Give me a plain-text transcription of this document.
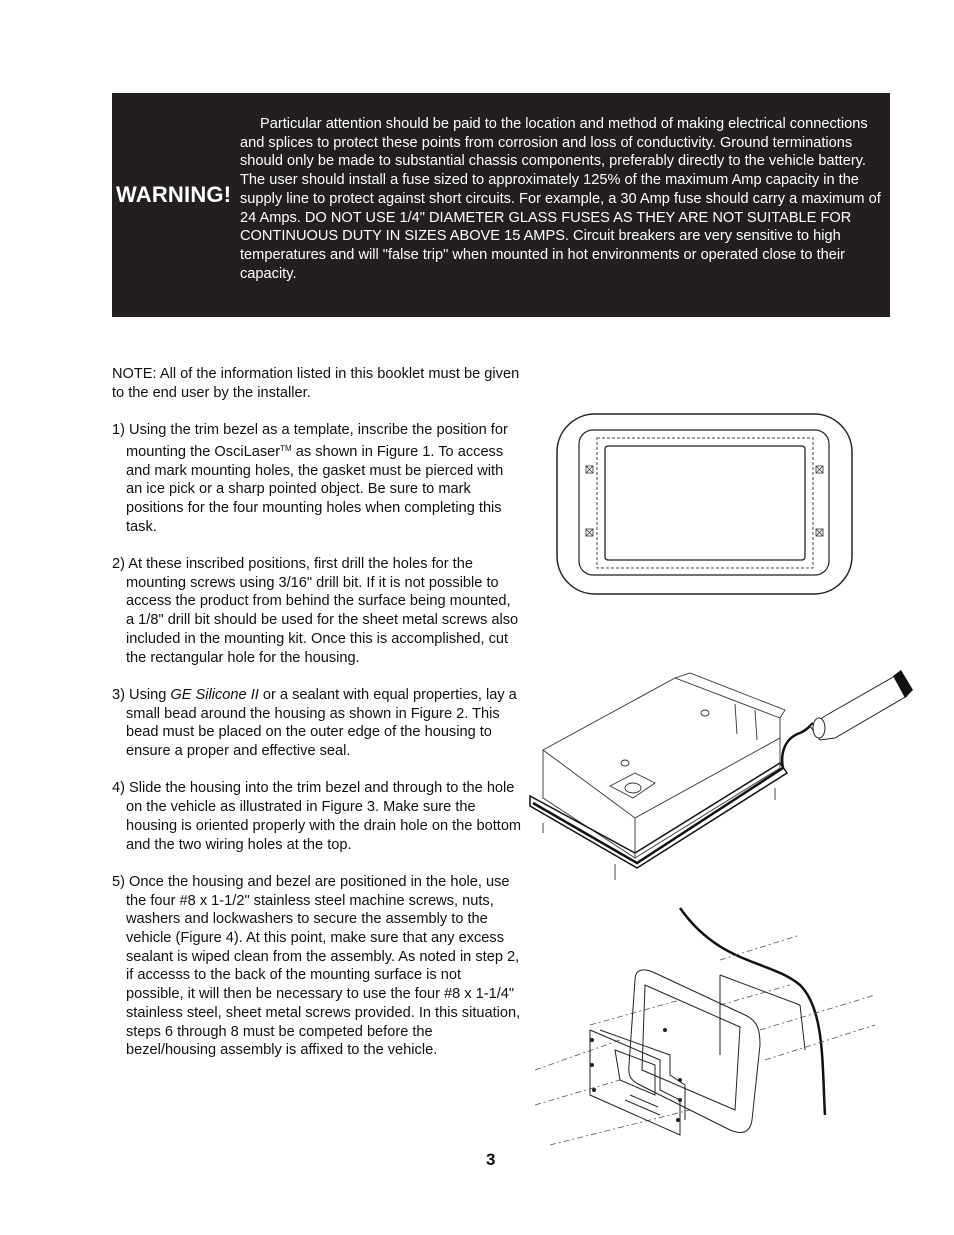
WARNING!
Particular attention should be paid to the location and method of making electrical connections and splices to protect these points from corrosion and loss of conductivity. Ground terminations should only be made to substantial chassis components, preferably directly to the vehicle battery. The user should install a fuse sized to approximately 125% of the maximum Amp capacity in the supply line to protect against short circuits. For example, a 30 Amp fuse should carry a maximum of 24 Amps. DO NOT USE 1/4" DIAMETER GLASS FUSES AS THEY ARE NOT SUITABLE FOR CONTINUOUS DUTY IN SIZES ABOVE 15 AMPS. Circuit breakers are very sensitive to high temperatures and will "false trip" when mounted in hot environments or operated close to their capacity.

NOTE: All of the information listed in this booklet must be given to the end user by the installer.

1) Using the trim bezel as a template, inscribe the position for mounting the OsciLaser™ as shown in Figure 1. To access and mark mounting holes, the gasket must be pierced with an ice pick or a sharp pointed object. Be sure to mark positions for the four mounting holes when completing this task.

2) At these inscribed positions, first drill the holes for the mounting screws using 3/16" drill bit. If it is not possible to access the product from behind the surface being mounted, a 1/8" drill bit should be used for the sheet metal screws also included in the mounting kit. Once this is accomplished, cut the rectangular hole for the housing.

3) Using GE Silicone II or a sealant with equal properties, lay a small bead around the housing as shown in Figure 2. This bead must be placed on the outer edge of the housing to ensure a proper and effective seal.

4) Slide the housing into the trim bezel and through to the hole on the vehicle as illustrated in Figure 3. Make sure the housing is oriented properly with the drain hole on the bottom and the two wiring holes at the top.

5) Once the housing and bezel are positioned in the hole, use the four #8 x 1-1/2" stainless steel machine screws, nuts, washers and lockwashers to secure the assembly to the vehicle (Figure 4). At this point, make sure that any excess sealant is wiped clean from the assembly. As noted in step 2, if accesss to the back of the mounting surface is not possible, it will then be necessary to use the four #8 x 1-1/4" stainless steel, sheet metal screws provided. In this situation, steps 6 through 8 must be competed before the bezel/housing assembly is affixed to the vehicle.

3
